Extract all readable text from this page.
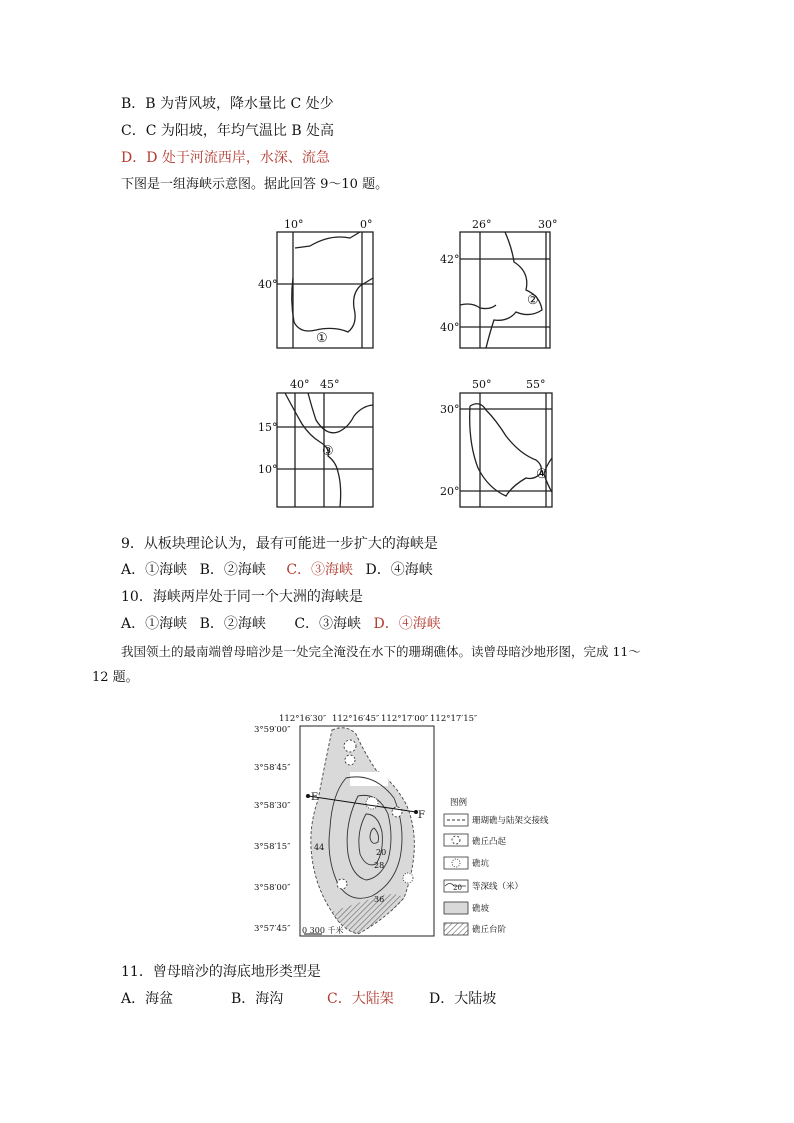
B．B 为背风坡，降水量比 C 处少
C．C 为阳坡，年均气温比 B 处高
D．D 处于河流西岸，水深、流急
下图是一组海峡示意图。据此回答 9～10 题。
10°	0°
40°
①
26°	30°
42°
40°
②
40° 45°
15°
10°
③
50°	55°
30°
20°
④
9．从板块理论认为，最有可能进一步扩大的海峡是
A．①海峡 B．②海峡 C．③海峡 D．④海峡
10．海峡两岸处于同一个大洲的海峡是
A．①海峡 B．②海峡 C．③海峡 D．④海峡
我国领土的最南端曾母暗沙是一处完全淹没在水下的珊瑚礁体。读曾母暗沙地形图，完成 11～
12 题。
112°16′30″ 112°16′45″ 112°17′00″ 112°17′15″
3°59′00″
3°58′45″
3°58′30″
3°58′15″
3°58′00″
3°57′45″
E
F
44
20
28
36
0 300 千米
图例
珊瑚礁与陆架交接线
礁丘凸起
礁坑
20 等深线（米）
礁坡
礁丘台阶
11．曾母暗沙的海底地形类型是
A．海盆	B．海沟	C．大陆架	D．大陆坡
